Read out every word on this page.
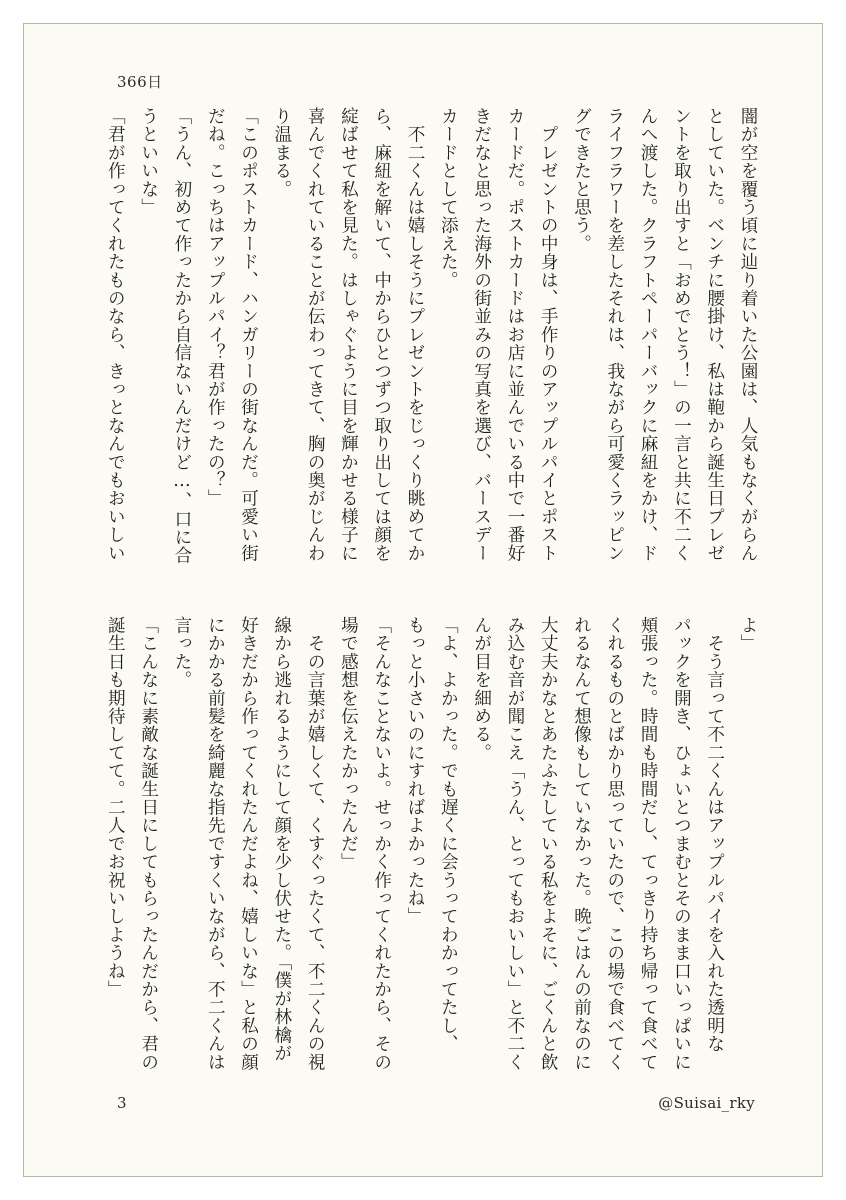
366日
闇が空を覆う頃に辿り着いた公園は、人気もなくがらん
としていた。ベンチに腰掛け、私は鞄から誕生日プレゼ
ントを取り出すと「おめでとう！」の一言と共に不二く
んへ渡した。クラフトペーパーバックに麻紐をかけ、ド
ライフラワーを差したそれは、我ながら可愛くラッピン
グできたと思う。
　プレゼントの中身は、手作りのアップルパイとポスト
カードだ。ポストカードはお店に並んでいる中で一番好
きだなと思った海外の街並みの写真を選び、バースデー
カードとして添えた。
　不二くんは嬉しそうにプレゼントをじっくり眺めてか
ら、麻紐を解いて、中からひとつずつ取り出しては顔を
綻ばせて私を見た。はしゃぐように目を輝かせる様子に
喜んでくれていることが伝わってきて、胸の奥がじんわ
り温まる。
「このポストカード、ハンガリーの街なんだ。可愛い街
だね。こっちはアップルパイ？君が作ったの？」
「うん、初めて作ったから自信ないんだけど…、口に合
うといいな」
「君が作ってくれたものなら、きっとなんでもおいしい
よ」
　そう言って不二くんはアップルパイを入れた透明な
パックを開き、ひょいとつまむとそのまま口いっぱいに
頬張った。時間も時間だし、てっきり持ち帰って食べて
くれるものとばかり思っていたので、この場で食べてく
れるなんて想像もしていなかった。晩ごはんの前なのに
大丈夫かなとあたふたしている私をよそに、ごくんと飲
み込む音が聞こえ「うん、とってもおいしい」と不二く
んが目を細める。
「よ、よかった。でも遅くに会うってわかってたし、
もっと小さいのにすればよかったね」
「そんなことないよ。せっかく作ってくれたから、その
場で感想を伝えたかったんだ」
　その言葉が嬉しくて、くすぐったくて、不二くんの視
線から逃れるようにして顔を少し伏せた。「僕が林檎が
好きだから作ってくれたんだよね、嬉しいな」と私の顔
にかかる前髪を綺麗な指先ですくいながら、不二くんは
言った。
「こんなに素敵な誕生日にしてもらったんだから、君の
誕生日も期待してて。二人でお祝いしようね」
3	@Suisai_rky
